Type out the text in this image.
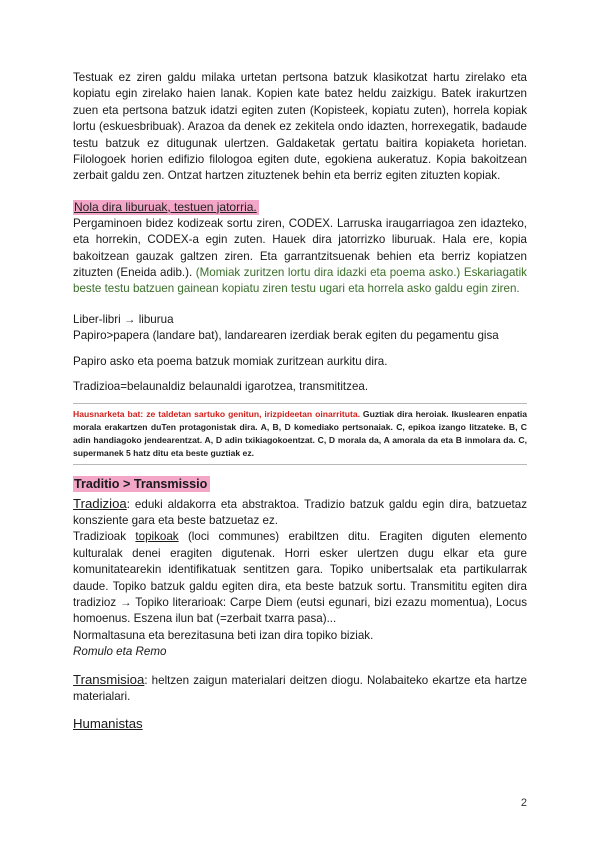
Testuak ez ziren galdu milaka urtetan pertsona batzuk klasikotzat hartu zirelako eta kopiatu egin zirelako haien lanak. Kopien kate batez heldu zaizkigu. Batek irakurtzen zuen eta pertsona batzuk idatzi egiten zuten (Kopisteek, kopiatu zuten), horrela kopiak lortu (eskuesbribuak). Arazoa da denek ez zekitela ondo idazten, horrexegatik, badaude testu batzuk ez ditugunak ulertzen. Galdaketak gertatu baitira kopiaketa horietan. Filologoek horien edifizio filologoa egiten dute, egokiena aukeratuz. Kopia bakoitzean zerbait galdu zen. Ontzat hartzen zituztenek behin eta berriz egiten zituzten kopiak.

Nola dira liburuak, testuen jatorria.

Pergaminoen bidez kodizeak sortu ziren, CODEX. Larruska iraugarriagoa zen idazteko, eta horrekin, CODEX-a egin zuten. Hauek dira jatorrizko liburuak. Hala ere, kopia bakoitzean gauzak galtzen ziren. Eta garrantzitsuenak behien eta berriz kopiatzen zituzten (Eneida adib.). (Momiak zuritzen lortu dira idazki eta poema asko.) Eskariagatik beste testu batzuen gainean kopiatu ziren testu ugari eta horrela asko galdu egin ziren.

Liber-libri → liburua

Papiro>papera (landare bat), landarearen izerdiak berak egiten du pegamentu gisa

Papiro asko eta poema batzuk momiak zuritzean aurkitu dira.

Tradizioa=belaunaldiz belaunaldi igarotzea, transmititzea.

Hausnarketa bat: ze taldetan sartuko genitun, irizpideetan oinarrituta. Guztiak dira heroiak. Ikuslearen enpatia morala erakartzen duTen protagonistak dira. A, B, D komediako pertsonaiak. C, epikoa izango litzateke. B, C adin handiagoko jendearentzat. A, D adin txikiagokoentzat. C, D morala da, A amorala da eta B inmolara da. C, supermanek 5 hatz ditu eta beste guztiak ez.

Traditio > Transmissio

Tradizioa: eduki aldakorra eta abstraktoa. Tradizio batzuk galdu egin dira, batzuetaz konsziente gara eta beste batzuetaz ez.

Tradizioak topikoak (loci communes) erabiltzen ditu. Eragiten diguten elemento kulturalak denei eragiten digutenak. Horri esker ulertzen dugu elkar eta gure komunitatearekin identifikatuak sentitzen gara. Topiko unibertsalak eta partikularrak daude. Topiko batzuk galdu egiten dira, eta beste batzuk sortu. Transmititu egiten dira tradizioz → Topiko literarioak: Carpe Diem (eutsi egunari, bizi ezazu momentua), Locus homoenus. Eszena ilun bat (=zerbait txarra pasa)...

Normaltasuna eta berezitasuna beti izan dira topiko biziak.

Romulo eta Remo

Transmisioa: heltzen zaigun materialari deitzen diogu. Nolabaiteko ekartze eta hartze materialari.

Humanistas

2
